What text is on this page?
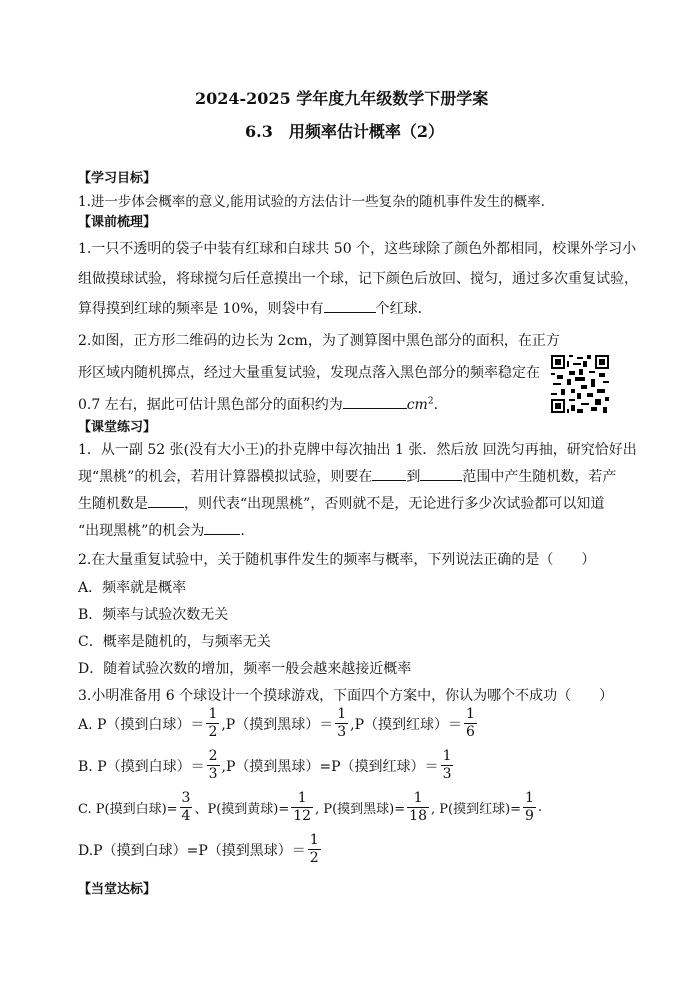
2024-2025 学年度九年级数学下册学案
6.3　用频率估计概率（2）
【学习目标】
1.进一步体会概率的意义,能用试验的方法估计一些复杂的随机事件发生的概率.
【课前梳理】
1.一只不透明的袋子中装有红球和白球共 50 个，这些球除了颜色外都相同，校课外学习小
组做摸球试验，将球搅匀后任意摸出一个球，记下颜色后放回、搅匀，通过多次重复试验，
算得摸到红球的频率是 10%，则袋中有	个红球．
2.如图，正方形二维码的边长为 2cm，为了测算图中黑色部分的面积，在正方
形区域内随机掷点，经过大量重复试验，发现点落入黑色部分的频率稳定在
0.7 左右，据此可估计黑色部分的面积约为	$cm^2$.
【课堂练习】
1．从一副 52 张(没有大小王)的扑克牌中每次抽出 1 张．然后放 回洗匀再抽，研究恰好出
现“黑桃”的机会，若用计算器模拟试验，则要在 到	范围中产生随机数，若产
生随机数是	，则代表“出现黑桃”，否则就不是，无论进行多少次试验都可以知道
“出现黑桃”的机会为	.
2.在大量重复试验中，关于随机事件发生的频率与概率，下列说法正确的是（　　）
A．频率就是概率
B．频率与试验次数无关
C．概率是随机的，与频率无关
D．随着试验次数的增加，频率一般会越来越接近概率
3.小明准备用 6 个球设计一个摸球游戏，下面四个方案中，你认为哪个不成功（　　）
A. P（摸到白球）＝ $\frac{1}{2} ,P$（摸到黑球）＝ $\frac{1}{3} ,P$（摸到红球）＝ $\frac{1}{6}$
B. P（摸到白球）＝ $\frac{2}{3} ,P$（摸到黑球）=P（摸到红球）＝ $\frac{1}{3}$
C. P(摸到白球)= $\frac{3}{4}$ 、P(摸到黄球)= $\frac{1}{12}$ , P(摸到黑球)= $\frac{1}{18}$ , P(摸到红球)= $\frac{1}{9}$ .
D.P（摸到白球）=P（摸到黑球）＝ $\frac{1}{2}$
【当堂达标】
